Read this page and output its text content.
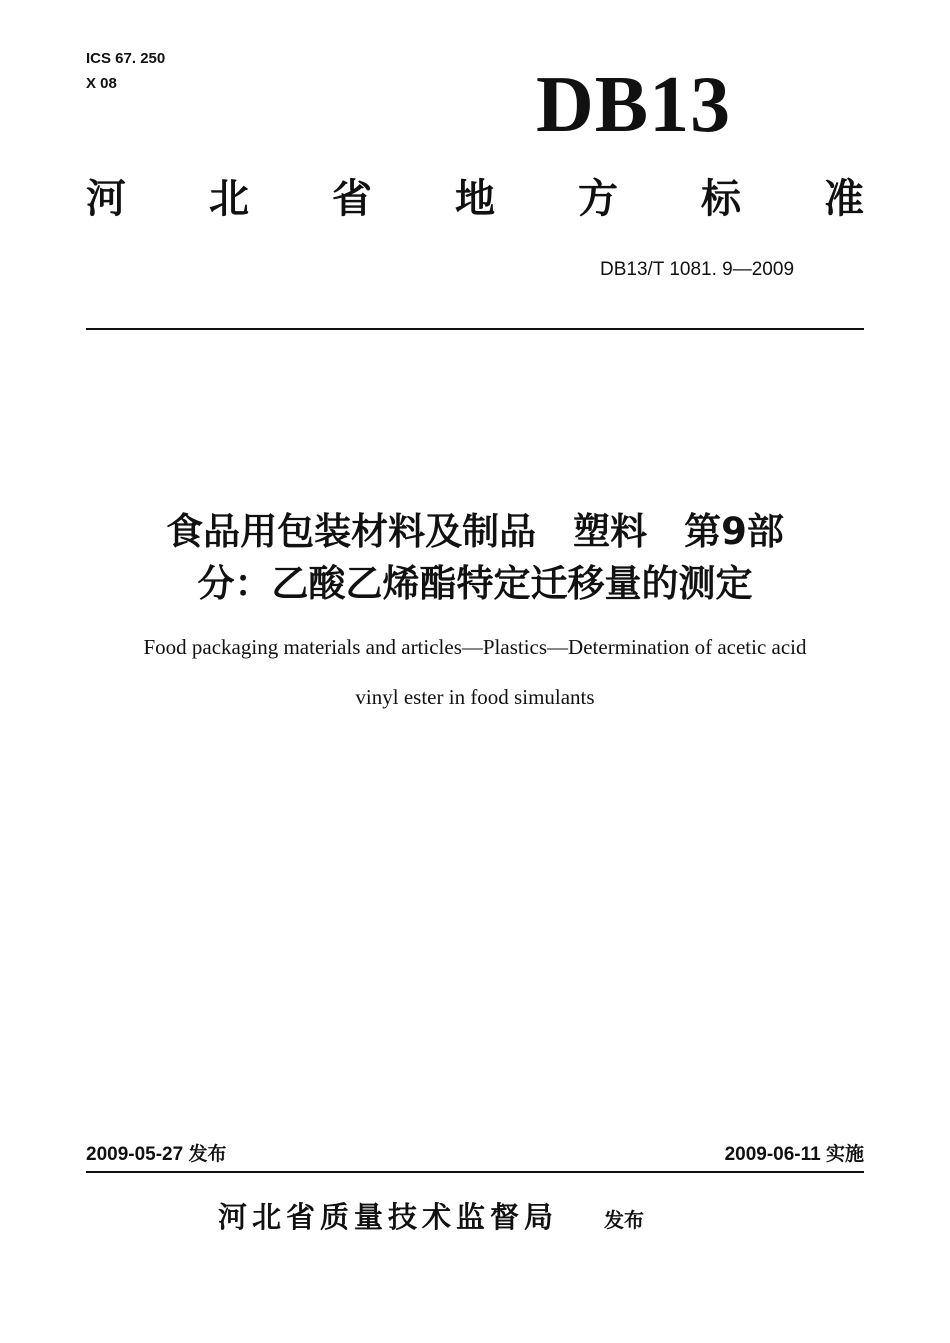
ICS 67. 250
X 08	DB13
河 北 省 地 方 标 准
DB13/T 1081. 9—2009
食品用包装材料及制品　塑料　第9部
分：乙酸乙烯酯特定迁移量的测定
Food packaging materials and articles—Plastics—Determination of acetic acid
vinyl ester in food simulants
2009-05-27 发布	2009-06-11 实施
河北省质量技术监督局 发布
